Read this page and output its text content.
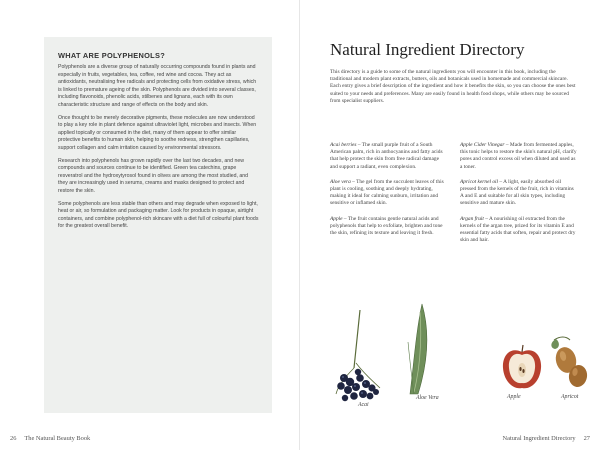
WHAT ARE POLYPHENOLS?

Polyphenols are a diverse group of naturally occurring compounds found in plants and especially in fruits, vegetables, tea, coffee, red wine and cocoa. They act as antioxidants, neutralising free radicals and protecting cells from oxidative stress, which is linked to premature ageing of the skin. Polyphenols are divided into several classes, including flavonoids, phenolic acids, stilbenes and lignans, each with its own characteristic structure and range of effects on the body and skin.

Once thought to be merely decorative pigments, these molecules are now understood to play a key role in plant defence against ultraviolet light, microbes and insects. When applied topically or consumed in the diet, many of them appear to offer similar protective benefits to human skin, helping to soothe redness, strengthen capillaries, support collagen and calm irritation caused by environmental stressors.

Research into polyphenols has grown rapidly over the last two decades, and new compounds and sources continue to be identified. Green tea catechins, grape resveratrol and the hydroxytyrosol found in olives are among the most studied, and they are increasingly used in serums, creams and masks designed to protect and restore the skin.

Some polyphenols are less stable than others and may degrade when exposed to light, heat or air, so formulation and packaging matter. Look for products in opaque, airtight containers, and combine polyphenol-rich skincare with a diet full of colourful plant foods for the greatest overall benefit.

26 The Natural Beauty Book
Natural Ingredient Directory

This directory is a guide to some of the natural ingredients you will encounter in this book, including the traditional and modern plant extracts, butters, oils and botanicals used in homemade and commercial skincare. Each entry gives a brief description of the ingredient and how it benefits the skin, so you can choose the ones best suited to your needs and preferences. Many are easily found in health food shops, while others may be sourced from specialist suppliers.

Acai berries – The small purple fruit of a South American palm, rich in anthocyanins and fatty acids that help protect the skin from free radical damage and support a radiant, even complexion.

Aloe vera – The gel from the succulent leaves of this plant is cooling, soothing and deeply hydrating, making it ideal for calming sunburn, irritation and sensitive or inflamed skin.

Apple – The fruit contains gentle natural acids and polyphenols that help to exfoliate, brighten and tone the skin, refining its texture and leaving it fresh.

Apple Cider Vinegar – Made from fermented apples, this tonic helps to restore the skin's natural pH, clarify pores and control excess oil when diluted and used as a toner.

Apricot kernel oil – A light, easily absorbed oil pressed from the kernels of the fruit, rich in vitamins A and E and suitable for all skin types, including sensitive and mature skin.

Argan fruit – A nourishing oil extracted from the kernels of the argan tree, prized for its vitamin E and essential fatty acids that soften, repair and protect dry skin and hair.

Acai
Aloe Vera	Apple	Apricot
Natural Ingredient Directory 27
